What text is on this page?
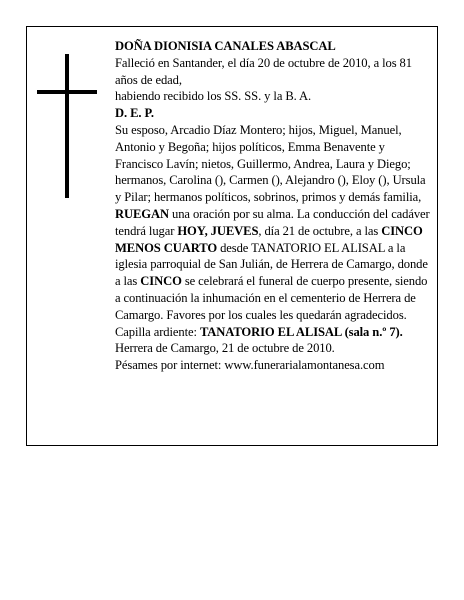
DOÑA DIONISIA CANALES ABASCAL

Falleció en Santander, el día 20 de octubre de 2010, a los 81 años de edad,

habiendo recibido los SS. SS. y la B. A.

D. E. P.

Su esposo, Arcadio Díaz Montero; hijos, Miguel, Manuel, Antonio y Begoña; hijos políticos, Emma Benavente y Francisco Lavín; nietos, Guillermo, Andrea, Laura y Diego; hermanos, Carolina (), Carmen (), Alejandro (), Eloy (), Ursula y Pilar; hermanos políticos, sobrinos, primos y demás familia,

RUEGAN una oración por su alma. La conducción del cadáver tendrá lugar HOY, JUEVES, día 21 de octubre, a las CINCO MENOS CUARTO desde TANATORIO EL ALISAL a la iglesia parroquial de San Julián, de Herrera de Camargo, donde a las CINCO se celebrará el funeral de cuerpo presente, siendo a continuación la inhumación en el cementerio de Herrera de Camargo. Favores por los cuales les quedarán agradecidos. Capilla ardiente: TANATORIO EL ALISAL (sala n.º 7).

Herrera de Camargo, 21 de octubre de 2010.

Pésames por internet: www.funerarialamontanesa.com
